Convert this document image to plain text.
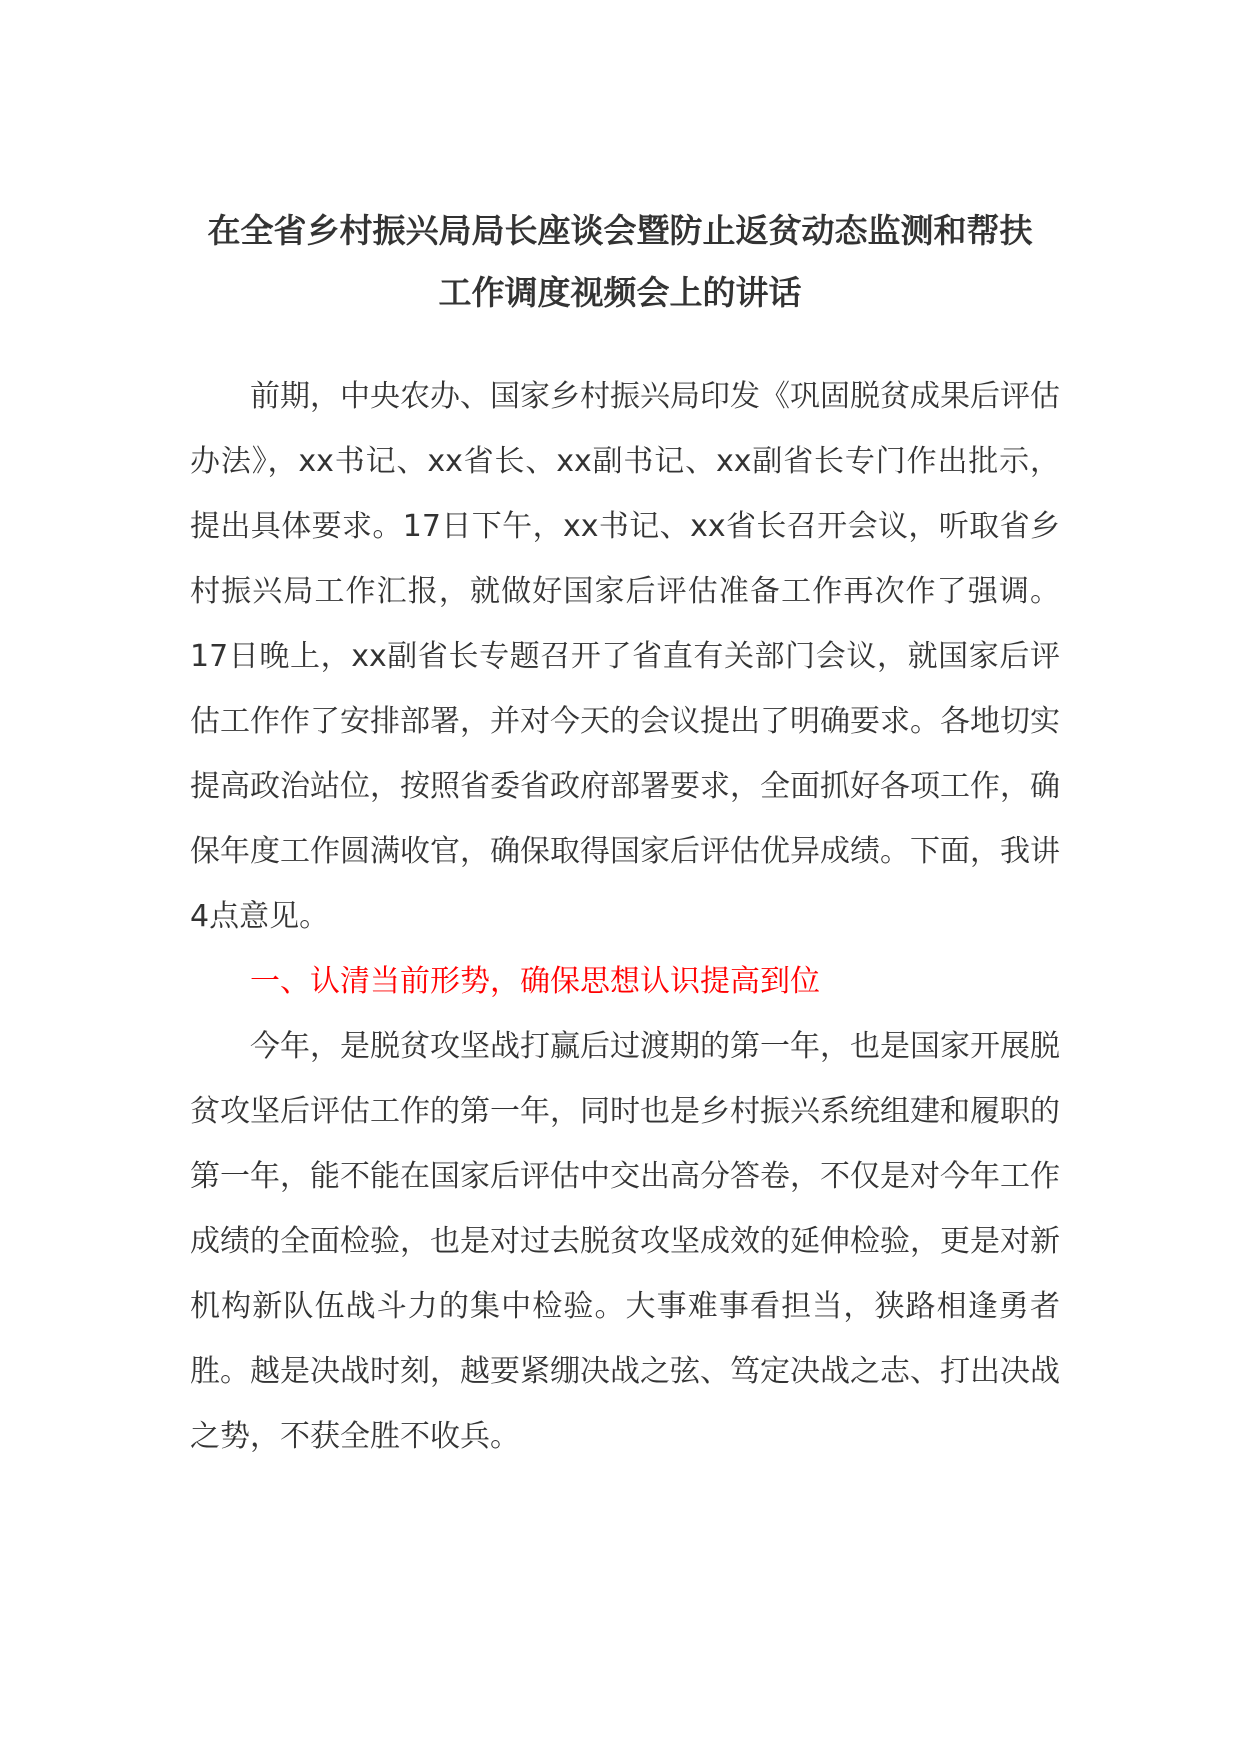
在全省乡村振兴局局长座谈会暨防止返贫动态监测和帮扶
工作调度视频会上的讲话

前期，中央农办、国家乡村振兴局印发《巩固脱贫成果后评估办法》，xx书记、xx省长、xx副书记、xx副省长专门作出批示，提出具体要求。17日下午，xx书记、xx省长召开会议，听取省乡村振兴局工作汇报，就做好国家后评估准备工作再次作了强调。17日晚上，xx副省长专题召开了省直有关部门会议，就国家后评估工作作了安排部署，并对今天的会议提出了明确要求。各地切实提高政治站位，按照省委省政府部署要求，全面抓好各项工作，确保年度工作圆满收官，确保取得国家后评估优异成绩。下面，我讲4点意见。

一、认清当前形势，确保思想认识提高到位

今年，是脱贫攻坚战打赢后过渡期的第一年，也是国家开展脱贫攻坚后评估工作的第一年，同时也是乡村振兴系统组建和履职的第一年，能不能在国家后评估中交出高分答卷，不仅是对今年工作成绩的全面检验，也是对过去脱贫攻坚成效的延伸检验，更是对新机构新队伍战斗力的集中检验。大事难事看担当，狭路相逢勇者胜。越是决战时刻，越要紧绷决战之弦、笃定决战之志、打出决战之势，不获全胜不收兵。
